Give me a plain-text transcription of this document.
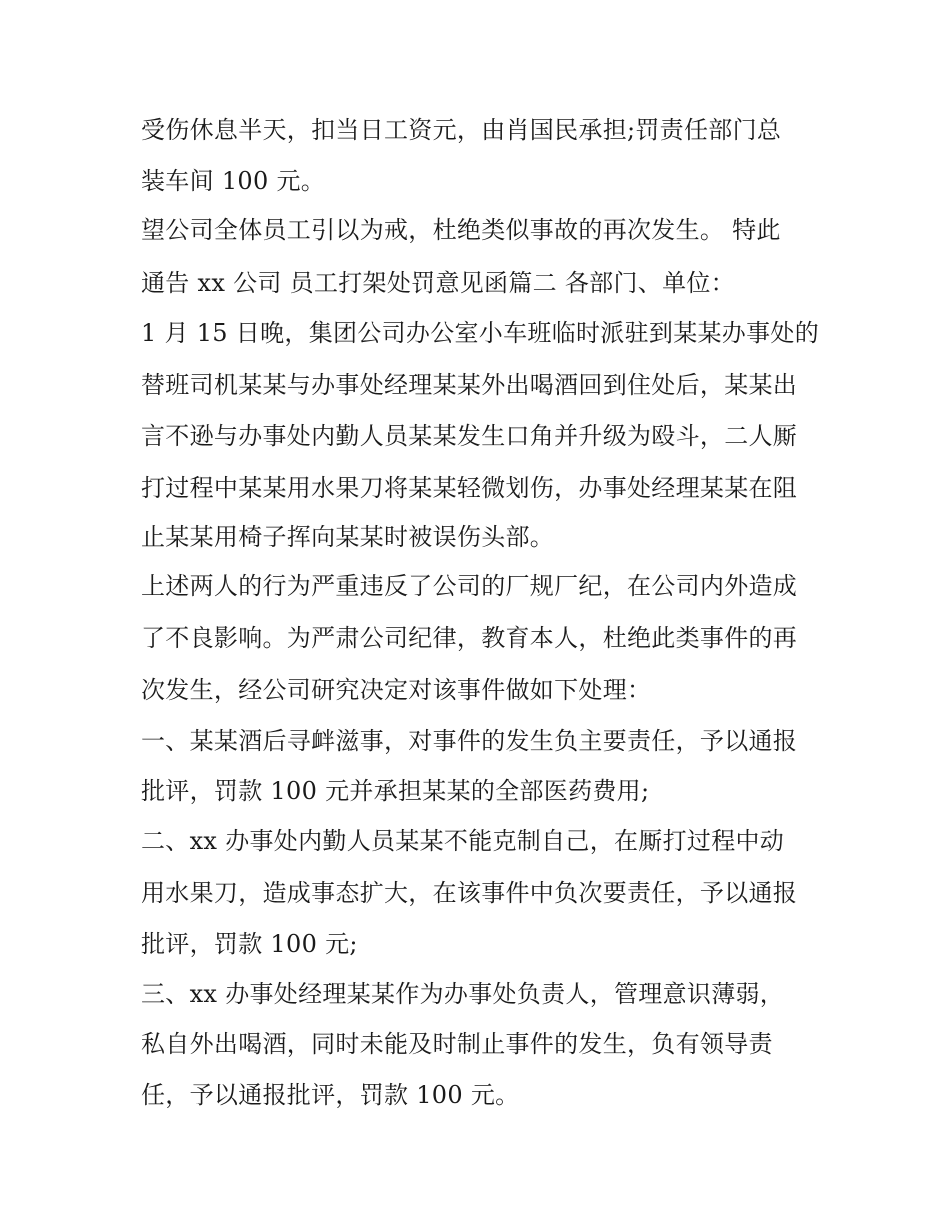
受伤休息半天，扣当日工资元，由肖国民承担;罚责任部门总
装车间 100 元。
望公司全体员工引以为戒，杜绝类似事故的再次发生。 特此
通告 xx 公司 员工打架处罚意见函篇二 各部门、单位：
1 月 15 日晚，集团公司办公室小车班临时派驻到某某办事处的
替班司机某某与办事处经理某某外出喝酒回到住处后，某某出
言不逊与办事处内勤人员某某发生口角并升级为殴斗，二人厮
打过程中某某用水果刀将某某轻微划伤，办事处经理某某在阻
止某某用椅子挥向某某时被误伤头部。
上述两人的行为严重违反了公司的厂规厂纪，在公司内外造成
了不良影响。为严肃公司纪律，教育本人，杜绝此类事件的再
次发生，经公司研究决定对该事件做如下处理：
一、某某酒后寻衅滋事，对事件的发生负主要责任，予以通报
批评，罚款 100 元并承担某某的全部医药费用;
二、xx 办事处内勤人员某某不能克制自己，在厮打过程中动
用水果刀，造成事态扩大，在该事件中负次要责任，予以通报
批评，罚款 100 元;
三、xx 办事处经理某某作为办事处负责人，管理意识薄弱，
私自外出喝酒，同时未能及时制止事件的发生，负有领导责
任，予以通报批评，罚款 100 元。
